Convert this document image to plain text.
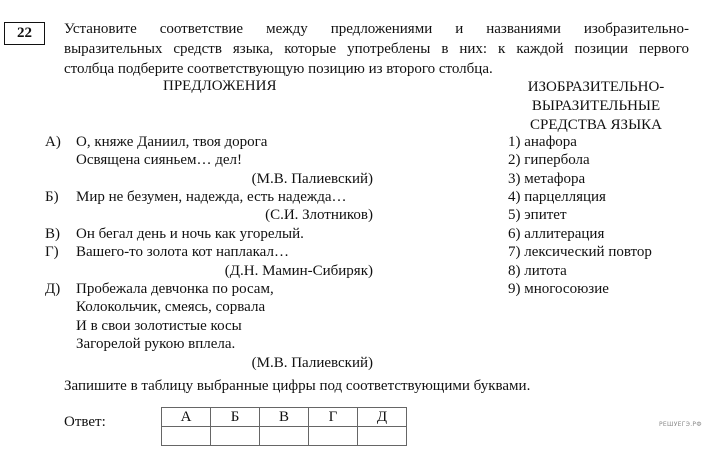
22	Установите соответствие между предложениями и названиями изобразительно-
выразительных средств языка, которые употреблены в них: к каждой позиции первого
столбца подберите соответствующую позицию из второго столбца.
ПРЕДЛОЖЕНИЯ	ИЗОБРАЗИТЕЛЬНО-
ВЫРАЗИТЕЛЬНЫЕ
СРЕДСТВА ЯЗЫКА
А) О, княже Даниил, твоя дорога
Освящена сияньем… дел!
(М.В. Палиевский)
Б) Мир не безумен, надежда, есть надежда…
(С.И. Злотников)
В) Он бегал день и ночь как угорелый.
Г) Вашего-то золота кот наплакал…
(Д.Н. Мамин-Сибиряк)
Д) Пробежала девчонка по росам,
Колокольчик, смеясь, сорвала
И в свои золотистые косы
Загорелой рукою вплела.
(М.В. Палиевский)
1) анафора
2) гипербола
3) метафора
4) парцелляция
5) эпитет
6) аллитерация
7) лексический повтор
8) литота
9) многосоюзие
Запишите в таблицу выбранные цифры под соответствующими буквами.
Ответ:	А	Б	В	Г	Д
					РЕШУЕГЭ.РФ
